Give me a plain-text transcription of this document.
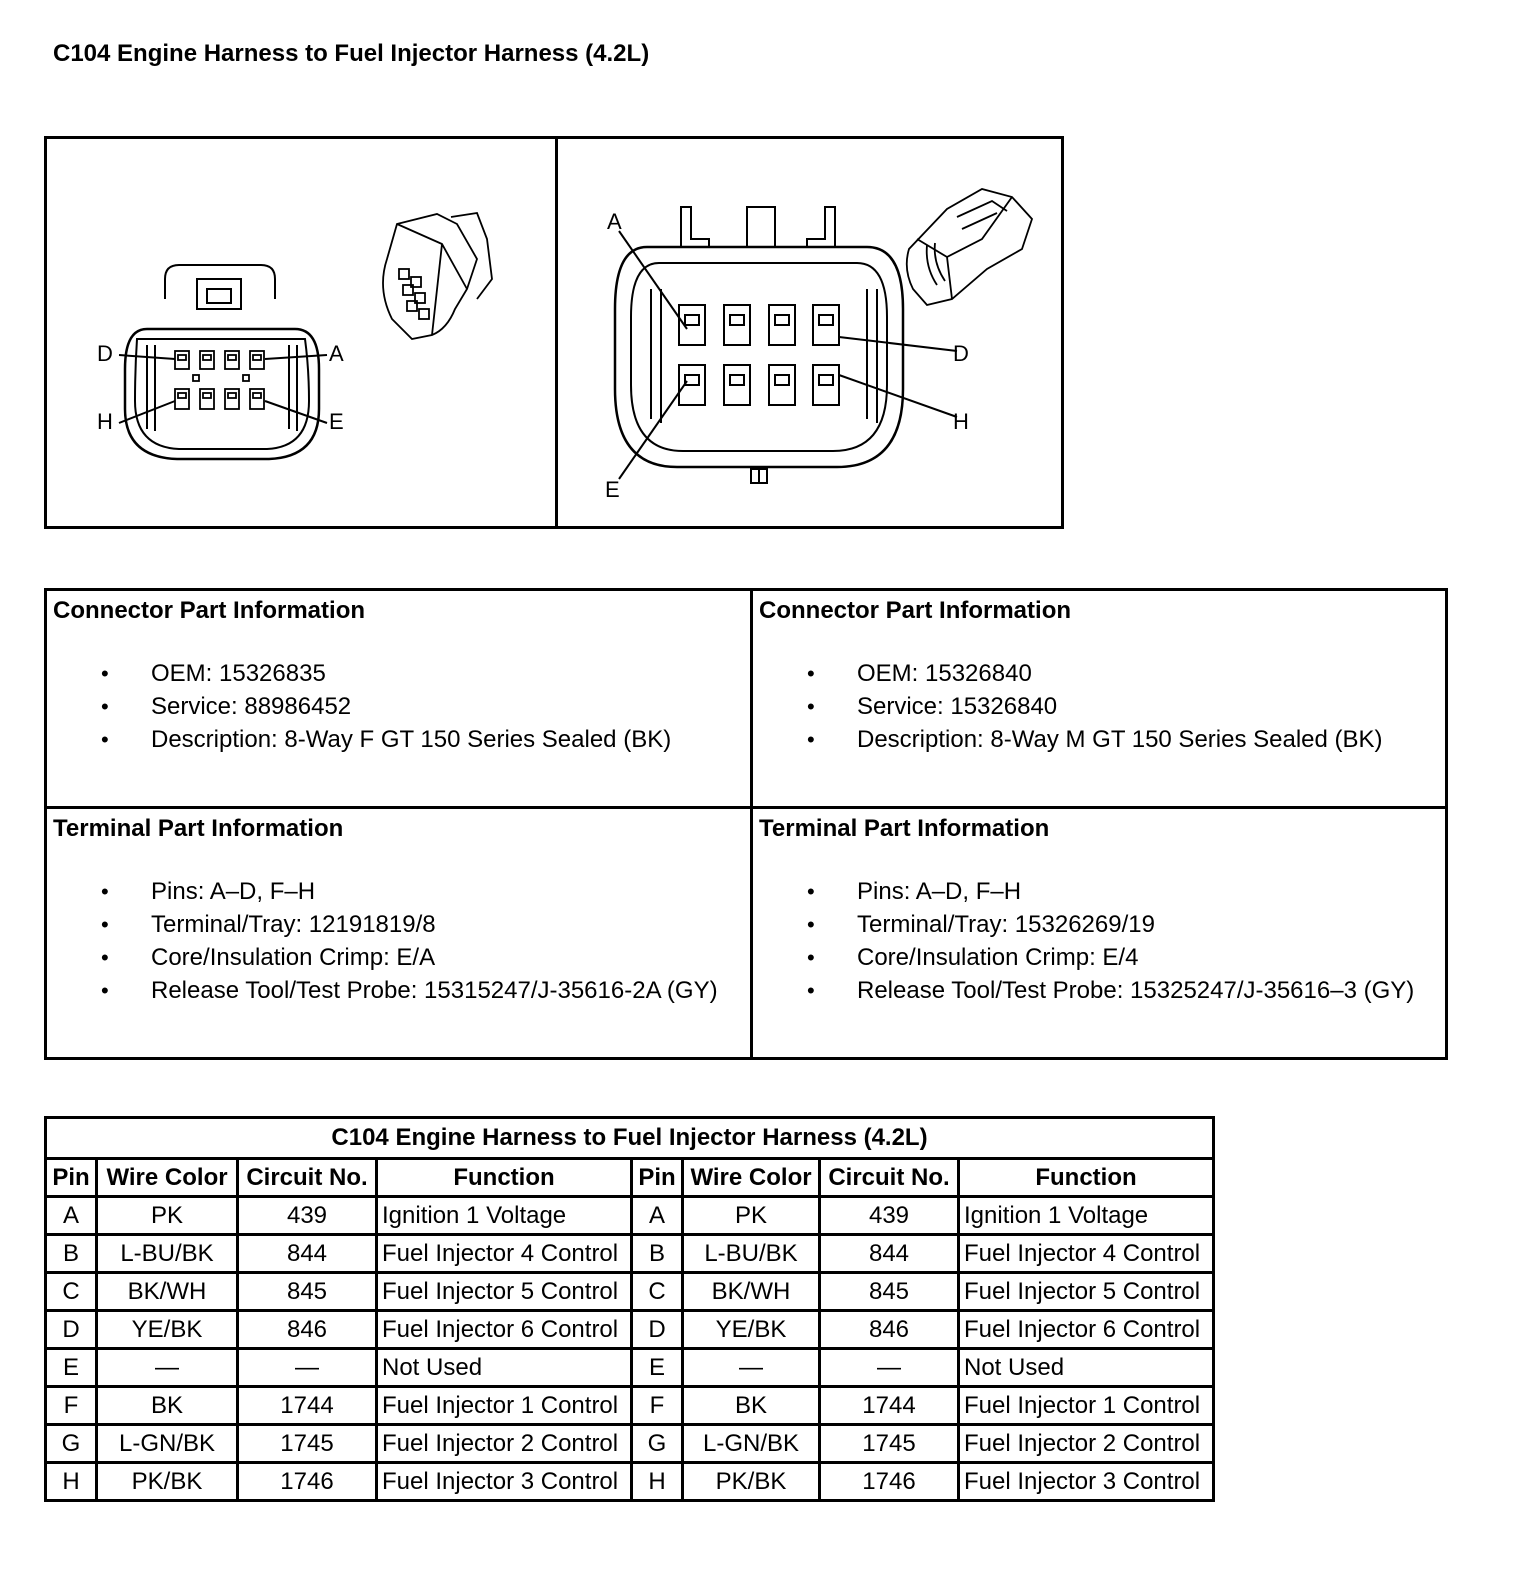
C104 Engine Harness to Fuel Injector Harness (4.2L)
D	A
H	E
A
D
H
E
Connector Part Information
• OEM: 15326835
• Service: 88986452
• Description: 8-Way F GT 150 Series Sealed (BK)
Connector Part Information
• OEM: 15326840
• Service: 15326840
• Description: 8-Way M GT 150 Series Sealed (BK)
Terminal Part Information
• Pins: A–D, F–H
• Terminal/Tray: 12191819/8
• Core/Insulation Crimp: E/A
• Release Tool/Test Probe: 15315247/J-35616-2A (GY)
Terminal Part Information
• Pins: A–D, F–H
• Terminal/Tray: 15326269/19
• Core/Insulation Crimp: E/4
• Release Tool/Test Probe: 15325247/J-35616–3 (GY)
C104 Engine Harness to Fuel Injector Harness (4.2L)							
Pin	Wire Color	Circuit No.	Function	Pin	Wire Color	Circuit No.	Function
A	PK	439	Ignition 1 Voltage	A	PK	439	Ignition 1 Voltage
B	L-BU/BK	844	Fuel Injector 4 Control	B	L-BU/BK	844	Fuel Injector 4 Control
C	BK/WH	845	Fuel Injector 5 Control	C	BK/WH	845	Fuel Injector 5 Control
D	YE/BK	846	Fuel Injector 6 Control	D	YE/BK	846	Fuel Injector 6 Control
E	—	—	Not Used	E	—	—	Not Used
F	BK	1744	Fuel Injector 1 Control	F	BK	1744	Fuel Injector 1 Control
G	L-GN/BK	1745	Fuel Injector 2 Control	G	L-GN/BK	1745	Fuel Injector 2 Control
H	PK/BK	1746	Fuel Injector 3 Control	H	PK/BK	1746	Fuel Injector 3 Control
